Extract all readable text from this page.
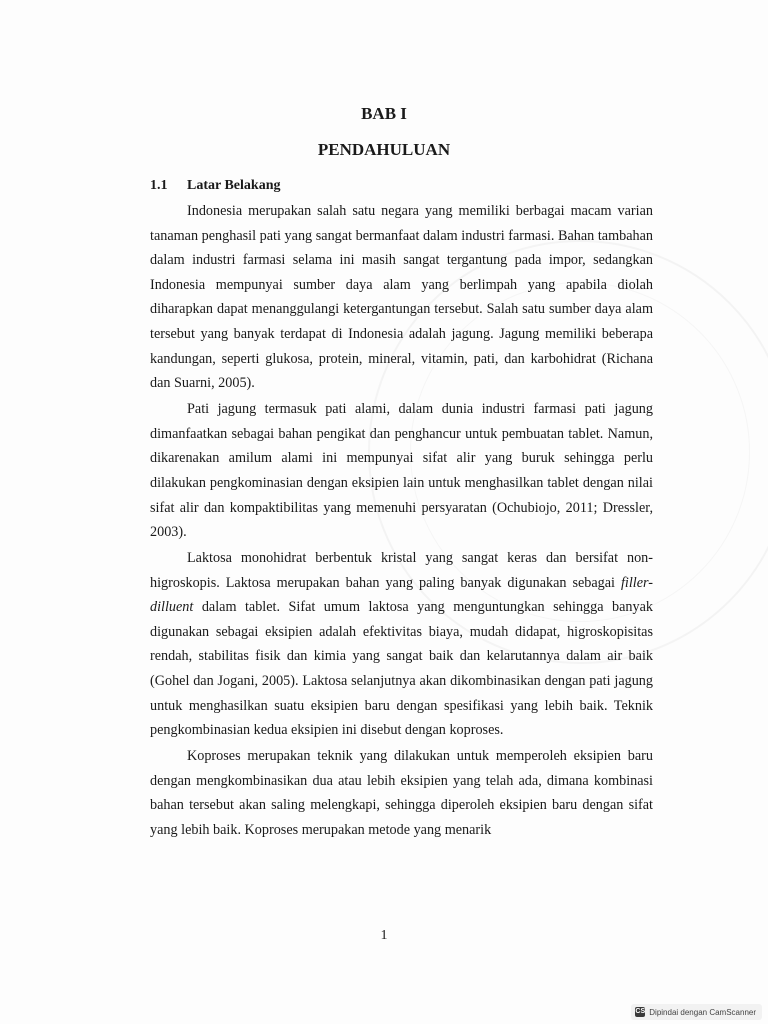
BAB I
PENDAHULUAN
1.1 Latar Belakang

Indonesia merupakan salah satu negara yang memiliki berbagai macam varian tanaman penghasil pati yang sangat bermanfaat dalam industri farmasi. Bahan tambahan dalam industri farmasi selama ini masih sangat tergantung pada impor, sedangkan Indonesia mempunyai sumber daya alam yang berlimpah yang apabila diolah diharapkan dapat menanggulangi ketergantungan tersebut. Salah satu sumber daya alam tersebut yang banyak terdapat di Indonesia adalah jagung. Jagung memiliki beberapa kandungan, seperti glukosa, protein, mineral, vitamin, pati, dan karbohidrat (Richana dan Suarni, 2005).

Pati jagung termasuk pati alami, dalam dunia industri farmasi pati jagung dimanfaatkan sebagai bahan pengikat dan penghancur untuk pembuatan tablet. Namun, dikarenakan amilum alami ini mempunyai sifat alir yang buruk sehingga perlu dilakukan pengkominasian dengan eksipien lain untuk menghasilkan tablet dengan nilai sifat alir dan kompaktibilitas yang memenuhi persyaratan (Ochubiojo, 2011; Dressler, 2003).

Laktosa monohidrat berbentuk kristal yang sangat keras dan bersifat non-higroskopis. Laktosa merupakan bahan yang paling banyak digunakan sebagai filler-dilluent dalam tablet. Sifat umum laktosa yang menguntungkan sehingga banyak digunakan sebagai eksipien adalah efektivitas biaya, mudah didapat, higroskopisitas rendah, stabilitas fisik dan kimia yang sangat baik dan kelarutannya dalam air baik (Gohel dan Jogani, 2005). Laktosa selanjutnya akan dikombinasikan dengan pati jagung untuk menghasilkan suatu eksipien baru dengan spesifikasi yang lebih baik. Teknik pengkombinasian kedua eksipien ini disebut dengan koproses.

Koproses merupakan teknik yang dilakukan untuk memperoleh eksipien baru dengan mengkombinasikan dua atau lebih eksipien yang telah ada, dimana kombinasi bahan tersebut akan saling melengkapi, sehingga diperoleh eksipien baru dengan sifat yang lebih baik. Koproses merupakan metode yang menarik

1
CS Dipindai dengan CamScanner
